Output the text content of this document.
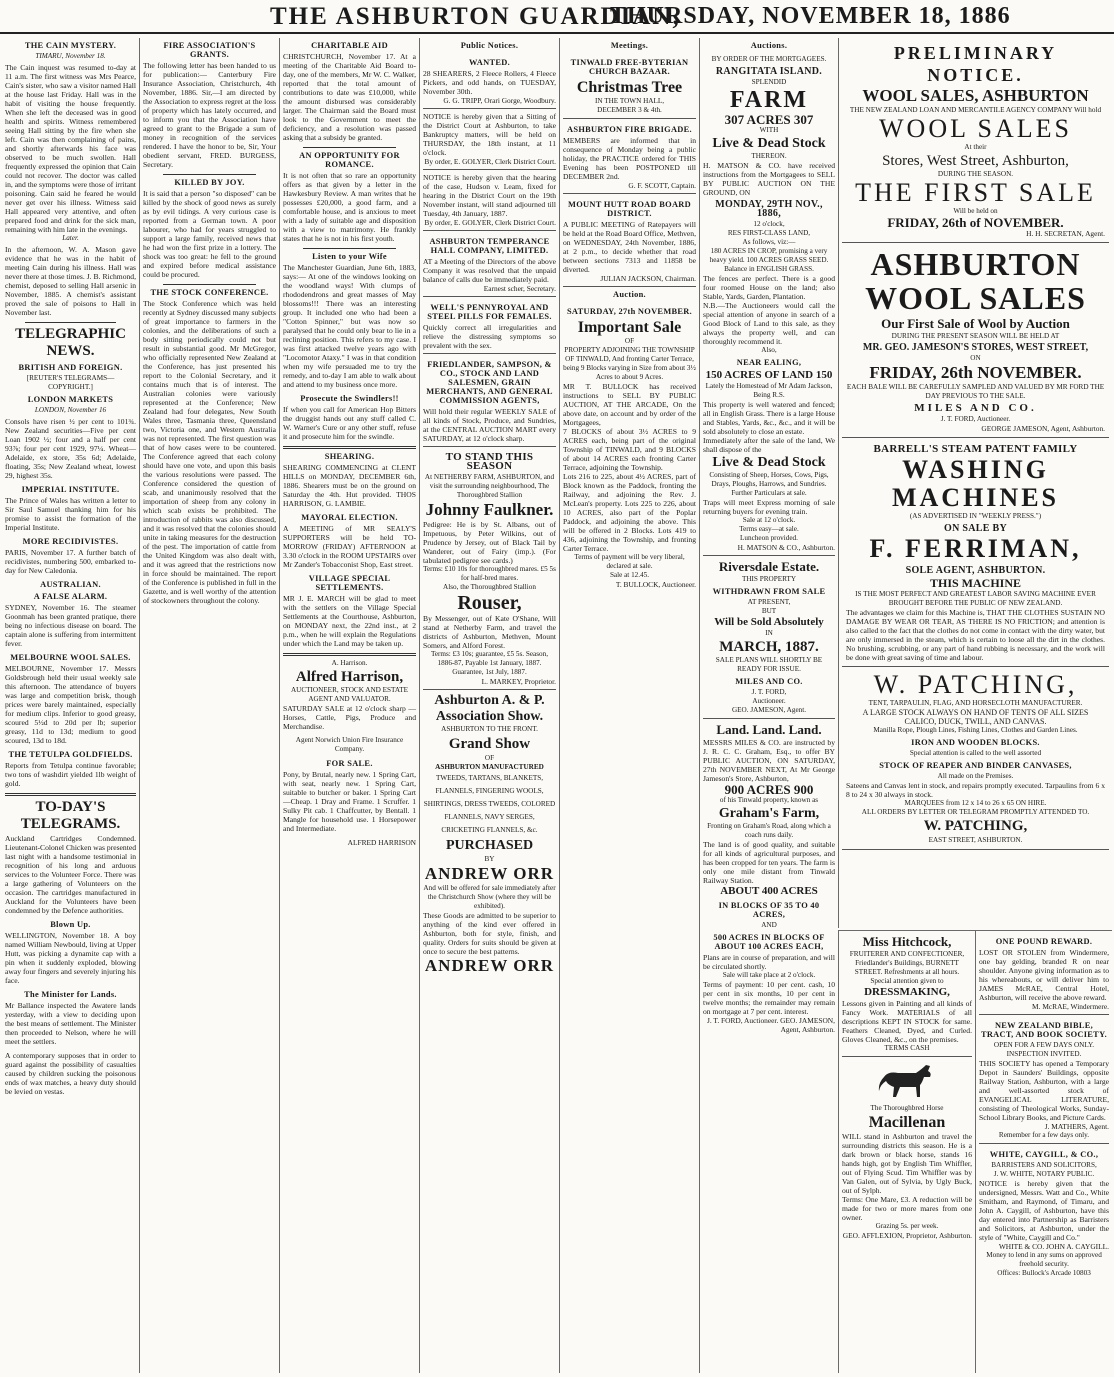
THE ASHBURTON GUARDIAN,
THURSDAY, NOVEMBER 18, 1886
THE CAIN MYSTERY.
TIMARU, November 18.
The Cain inquest was resumed to-day at 11 a.m. The first witness was Mrs Pearce, Cain's sister, who saw a visitor named Hall at the house last Friday. Hall was in the habit of visiting the house frequently. When she left the deceased was in good health and spirits. Witness remembered seeing Hall sitting by the fire when she left. Cain was then complaining of pains, and shortly afterwards his face was observed to be much swollen. Hall frequently expressed the opinion that Cain could not recover. The doctor was called in, and the symptoms were those of irritant poisoning. Cain said he feared he would never get over his illness. Witness said Hall appeared very attentive, and often prepared food and drink for the sick man, remaining with him late in the evenings.
Later.
In the afternoon, W. A. Mason gave evidence that he was in the habit of meeting Cain during his illness. Hall was never there at those times. J. B. Richmond, chemist, deposed to selling Hall arsenic in November, 1885. A chemist's assistant proved the sale of poisons to Hall in November last.
TELEGRAPHIC NEWS.
BRITISH AND FOREIGN.
[REUTER'S TELEGRAMS—COPYRIGHT.]
LONDON MARKETS
LONDON, November 16
Consols have risen ½ per cent to 101¾. New Zealand securities—Five per cent Loan 1902 ½; four and a half per cent 93⅞; four per cent 1929, 97¼. Wheat—Adelaide, ex store, 35s 6d; Adelaide, floating, 35s; New Zealand wheat, lowest 29, highest 35s.
IMPERIAL INSTITUTE.
The Prince of Wales has written a letter to Sir Saul Samuel thanking him for his promise to assist the formation of the Imperial Institute.
MORE RECIDIVISTES.
PARIS, November 17. A further batch of recidivistes, numbering 500, embarked to-day for New Caledonia.
AUSTRALIAN.
A FALSE ALARM.
SYDNEY, November 16. The steamer Goonmah has been granted pratique, there being no infectious disease on board. The captain alone is suffering from intermittent fever.
MELBOURNE WOOL SALES.
MELBOURNE, November 17. Messrs Goldsbrough held their usual weekly sale this afternoon. The attendance of buyers was large and competition brisk, though prices were barely maintained, especially for medium clips. Inferior to good greasy, scoured 5½d to 20d per lb; superior greasy, 11d to 13d; medium to good scoured, 13d to 18d.
THE TETULPA GOLDFIELDS.
Reports from Tetulpa continue favorable; two tons of washdirt yielded 1lb weight of gold.
TO-DAY'S TELEGRAMS.
Auckland Cartridges Condemned. Lieutenant-Colonel Chicken was presented last night with a handsome testimonial in recognition of his long and arduous services to the Volunteer Force. There was a large gathering of Volunteers on the occasion. The cartridges manufactured in Auckland for the Volunteers have been condemned by the Defence authorities.
Blown Up.
WELLINGTON, November 18. A boy named William Newbould, living at Upper Hutt, was picking a dynamite cap with a pin when it suddenly exploded, blowing away four fingers and severely injuring his face.
The Minister for Lands.
Mr Ballance inspected the Awatere lands yesterday, with a view to deciding upon the best means of settlement. The Minister then proceeded to Nelson, where he will meet the settlers.
A contemporary supposes that in order to guard against the possibility of casualties caused by children sucking the poisonous ends of wax matches, a heavy duty should be levied on vestas.
FIRE ASSOCIATION'S GRANTS.
The following letter has been handed to us for publication:— Canterbury Fire Insurance Association, Christchurch, 4th November, 1886. Sir,—I am directed by the Association to express regret at the loss of property which has lately occurred, and to inform you that the Association have agreed to grant to the Brigade a sum of money in recognition of the services rendered. I have the honor to be, Sir, Your obedient servant, FRED. BURGESS, Secretary.
KILLED BY JOY.
It is said that a person "so disposed" can be killed by the shock of good news as surely as by evil tidings. A very curious case is reported from a German town. A poor labourer, who had for years struggled to support a large family, received news that he had won the first prize in a lottery. The shock was too great: he fell to the ground and expired before medical assistance could be procured.
THE STOCK CONFERENCE.
The Stock Conference which was held recently at Sydney discussed many subjects of great importance to farmers in the colonies, and the deliberations of such a body sitting periodically could not but result in substantial good. Mr McGregor, who officially represented New Zealand at the Conference, has just presented his report to the Colonial Secretary, and it contains much that is of interest. The Australian colonies were variously represented at the Conference; New Zealand had four delegates, New South Wales three, Tasmania three, Queensland two, Victoria one, and Western Australia was not represented. The first question was that of how cases were to be countered. The Conference agreed that each colony should have one vote, and upon this basis the various resolutions were passed. The Conference considered the question of scab, and unanimously resolved that the importation of sheep from any colony in which scab exists be prohibited. The introduction of rabbits was also discussed, and it was resolved that the colonies should unite in taking measures for the destruction of the pest. The importation of cattle from the United Kingdom was also dealt with, and it was agreed that the restrictions now in force should be maintained. The report of the Conference is published in full in the Gazette, and is well worthy of the attention of stockowners throughout the colony.
CHARITABLE AID
CHRISTCHURCH, November 17. At a meeting of the Charitable Aid Board to-day, one of the members, Mr W. C. Walker, reported that the total amount of contributions to date was £10,000, while the amount disbursed was considerably larger. The Chairman said the Board must look to the Government to meet the deficiency, and a resolution was passed asking that a subsidy be granted.
AN OPPORTUNITY FOR ROMANCE.
It is not often that so rare an opportunity offers as that given by a letter in the Hawkesbury Review. A man writes that he possesses £20,000, a good farm, and a comfortable house, and is anxious to meet with a lady of suitable age and disposition with a view to matrimony. He frankly states that he is not in his first youth.
Listen to your Wife
The Manchester Guardian, June 6th, 1883, says:— At one of the windows looking on the woodland ways! With clumps of rhododendrons and great masses of May blossoms!!! There was an interesting group. It included one who had been a "Cotton Spinner," but was now so paralysed that he could only bear to lie in a reclining position. This refers to my case. I was first attacked twelve years ago with "Locomotor Ataxy." I was in that condition when my wife persuaded me to try the remedy, and to-day I am able to walk about and attend to my business once more.
Prosecute the Swindlers!!
If when you call for American Hop Bitters the druggist hands out any stuff called C. W. Warner's Cure or any other stuff, refuse it and prosecute him for the swindle.
SHEARING.
SHEARING COMMENCING at CLENT HILLS on MONDAY, DECEMBER 6th, 1886. Shearers must be on the ground on Saturday the 4th. Hut provided. THOS HARRISON, G. LAMBIE.
MAYORAL ELECTION.
A MEETING of MR SEALY'S SUPPORTERS will be held TO-MORROW (FRIDAY) AFTERNOON at 3.30 o'clock in the ROOM UPSTAIRS over Mr Zander's Tobacconist Shop, East street.
VILLAGE SPECIAL SETTLEMENTS.
MR J. E. MARCH will be glad to meet with the settlers on the Village Special Settlements at the Courthouse, Ashburton, on MONDAY next, the 22nd inst., at 2 p.m., when he will explain the Regulations under which the Land may be taken up.
A. Harrison.
Alfred Harrison,
AUCTIONEER, STOCK AND ESTATE AGENT AND VALUATOR.
SATURDAY SALE at 12 o'clock sharp —Horses, Cattle, Pigs, Produce and Merchandise.
Agent Norwich Union Fire Insurance Company.
FOR SALE.
Pony, by Brutal, nearly new. 1 Spring Cart, with seat, nearly new. 1 Spring Cart, suitable to butcher or baker. 1 Spring Cart—Cheap. 1 Dray and Frame. 1 Scruffer. 1 Sulky Pit cab. 1 Chaffcutter, by Bentall. 1 Mangle for household use. 1 Horsepower and Intermediate.
ALFRED HARRISON
Public Notices.
WANTED.
28 SHEARERS, 2 Fleece Rollers, 4 Fleece Pickers, and odd hands, on TUESDAY, November 30th.
G. G. TRIPP, Orari Gorge, Woodbury.
NOTICE is hereby given that a Sitting of the District Court at Ashburton, to take Bankruptcy matters, will be held on THURSDAY, the 18th instant, at 11 o'clock.
By order, E. GOLYER, Clerk District Court.
NOTICE is hereby given that the hearing of the case, Hudson v. Leam, fixed for hearing in the District Court on the 19th November instant, will stand adjourned till Tuesday, 4th January, 1887.
By order, E. GOLYER, Clerk District Court.
ASHBURTON TEMPERANCE HALL COMPANY, LIMITED.
AT a Meeting of the Directors of the above Company it was resolved that the unpaid balance of calls due be immediately paid.
Earnest scher, Secretary.
WELL'S PENNYROYAL AND STEEL PILLS FOR FEMALES.
Quickly correct all irregularities and relieve the distressing symptoms so prevalent with the sex.
FRIEDLANDER, SAMPSON, & CO., STOCK AND LAND SALESMEN, GRAIN MERCHANTS, AND GENERAL COMMISSION AGENTS,
Will hold their regular WEEKLY SALE of all kinds of Stock, Produce, and Sundries, at the CENTRAL AUCTION MART every SATURDAY, at 12 o'clock sharp.
TO STAND THIS SEASON
At NETHERBY FARM, ASHBURTON, and visit the surrounding neighbourhood, The Thoroughbred Stallion
Johnny Faulkner.
Pedigree: He is by St. Albans, out of Impetuous, by Peter Wilkins, out of Prudence by Jersey, out of Black Tail by Wanderer, out of Fairy (imp.). (For tabulated pedigree see cards.)
Terms: £10 10s for thoroughbred mares. £5 5s for half-bred mares.
Also, the Thoroughbred Stallion
Rouser,
By Messenger, out of Kate O'Shane, Will stand at Netherby Farm, and travel the districts of Ashburton, Methven, Mount Somers, and Alford Forest.
Terms: £3 10s; guarantee, £5 5s. Season, 1886-87, Payable 1st January, 1887. Guarantee, 1st July, 1887.
L. MARKEY, Proprietor.
Ashburton A. & P. Association Show.
ASHBURTON TO THE FRONT.
Grand Show
OF
ASHBURTON MANUFACTURED
TWEEDS, TARTANS, BLANKETS, FLANNELS, FINGERING WOOLS, SHIRTINGS, DRESS TWEEDS, COLORED FLANNELS, NAVY SERGES, CRICKETING FLANNELS, &c.
PURCHASED
BY
ANDREW ORR
And will be offered for sale immediately after the Christchurch Show (where they will be exhibited).
These Goods are admitted to be superior to anything of the kind ever offered in Ashburton, both for style, finish, and quality. Orders for suits should be given at once to secure the best patterns.
ANDREW ORR
Meetings.
TINWALD FREE-BYTERIAN CHURCH BAZAAR.
Christmas Tree
IN THE TOWN HALL,
DECEMBER 3 & 4th.
ASHBURTON FIRE BRIGADE.
MEMBERS are informed that in consequence of Monday being a public holiday, the PRACTICE ordered for THIS Evening has been POSTPONED till DECEMBER 2nd.
G. F. SCOTT, Captain.
MOUNT HUTT ROAD BOARD DISTRICT.
A PUBLIC MEETING of Ratepayers will be held at the Road Board Office, Methven, on WEDNESDAY, 24th November, 1886, at 2 p.m., to decide whether that road between sections 7313 and 11858 be diverted.
JULIAN JACKSON, Chairman.
Auction.
SATURDAY, 27th NOVEMBER.
Important Sale
OF
PROPERTY ADJOINING THE TOWNSHIP OF TINWALD, And fronting Carter Terrace, being 9 Blocks varying in Size from about 3½ Acres to about 9 Acres.
MR T. BULLOCK has received instructions to SELL BY PUBLIC AUCTION, AT THE ARCADE, On the above date, on account and by order of the Mortgagees,
7 BLOCKS of about 3½ ACRES to 9 ACRES each, being part of the original Township of TINWALD, and 9 BLOCKS of about 14 ACRES each fronting Carter Terrace, adjoining the Township.
Lots 216 to 225, about 4½ ACRES, part of Block known as the Paddock, fronting the Railway, and adjoining the Rev. J. McLean's property. Lots 225 to 226, about 10 ACRES, also part of the Poplar Paddock, and adjoining the above. This will be offered in 2 Blocks. Lots 419 to 436, adjoining the Township, and fronting Carter Terrace.
Terms of payment will be very liberal, declared at sale.
Sale at 12.45.
T. BULLOCK, Auctioneer.
Auctions.
BY ORDER OF THE MORTGAGEES.
RANGITATA ISLAND.
SPLENDID
FARM
307 ACRES 307
WITH
Live & Dead Stock
THEREON.
H. MATSON & CO. have received instructions from the Mortgagees to SELL BY PUBLIC AUCTION ON THE GROUND, ON
MONDAY, 29TH NOV., 1886,
12 o'clock,
RES FIRST-CLASS LAND,
As follows, viz:—
180 ACRES IN CROP, promising a very heavy yield. 100 ACRES GRASS SEED. Balance in ENGLISH GRASS.
The fences are perfect. There is a good four roomed House on the land; also Stable, Yards, Garden, Plantation.
N.B.—The Auctioneers would call the special attention of anyone in search of a Good Block of Land to this sale, as they always the property well, and can thoroughly recommend it.
Also,
NEAR EALING,
150 ACRES OF LAND 150
Lately the Homestead of Mr Adam Jackson, Being R.S.
This property is well watered and fenced; all in English Grass. There is a large House and Stables, Yards, &c., &c., and it will be sold absolutely to close an estate.
Immediately after the sale of the land, We shall dispose of the
Live & Dead Stock
Consisting of Sheep, Horses, Cows, Pigs, Drays, Ploughs, Harrows, and Sundries.
Further Particulars at sale.
Traps will meet Express morning of sale returning buyers for evening train.
Sale at 12 o'clock.
Terms easy—at sale.
Luncheon provided.
H. MATSON & CO., Ashburton.
Riversdale Estate.
THIS PROPERTY
WITHDRAWN FROM SALE
AT PRESENT,
BUT
Will be Sold Absolutely
IN
MARCH, 1887.
SALE PLANS WILL SHORTLY BE READY FOR ISSUE.
MILES AND CO.
J. T. FORD,
Auctioneer.
GEO. JAMESON, Agent.
Land. Land. Land.
MESSRS MILES & CO. are instructed by J. R. C. C. Graham, Esq., to offer BY PUBLIC AUCTION, ON SATURDAY, 27th NOVEMBER NEXT, At Mr George Jameson's Store, Ashburton,
900 ACRES 900
of his Tinwald property, known as
Graham's Farm,
Fronting on Graham's Road, along which a coach runs daily.
The land is of good quality, and suitable for all kinds of agricultural purposes, and has been cropped for ten years. The farm is only one mile distant from Tinwald Railway Station.
ABOUT 400 ACRES
IN BLOCKS OF 35 TO 40 ACRES,
AND
500 ACRES IN BLOCKS OF ABOUT 100 ACRES EACH,
Plans are in course of preparation, and will be circulated shortly.
Sale will take place at 2 o'clock.
Terms of payment: 10 per cent. cash, 10 per cent in six months, 10 per cent in twelve months; the remainder may remain on mortgage at 7 per cent. interest.
J. T. FORD, Auctioneer. GEO. JAMESON, Agent, Ashburton.
PRELIMINARY NOTICE.
WOOL SALES, ASHBURTON
THE NEW ZEALAND LOAN AND MERCANTILE AGENCY COMPANY Will hold
WOOL SALES
At their
Stores, West Street, Ashburton,
DURING THE SEASON.
THE FIRST SALE
Will be held on
FRIDAY, 26th of NOVEMBER.
H. H. SECRETAN, Agent.
ASHBURTON WOOL SALES
Our First Sale of Wool by Auction
DURING THE PRESENT SEASON WILL BE HELD AT
MR. GEO. JAMESON'S STORES, WEST STREET,
ON
FRIDAY, 26th NOVEMBER.
EACH BALE WILL BE CAREFULLY SAMPLED AND VALUED BY MR FORD THE DAY PREVIOUS TO THE SALE.
MILES AND CO.
J. T. FORD, Auctioneer.
GEORGE JAMESON, Agent, Ashburton.
BARRELL'S STEAM PATENT FAMILY
WASHING MACHINES
(AS ADVERTISED IN "WEEKLY PRESS.")
ON SALE BY
F. FERRIMAN,
SOLE AGENT, ASHBURTON.
THIS MACHINE
IS THE MOST PERFECT AND GREATEST LABOR SAVING MACHINE EVER BROUGHT BEFORE THE PUBLIC OF NEW ZEALAND.
The advantages we claim for this Machine is, THAT THE CLOTHES SUSTAIN NO DAMAGE BY WEAR OR TEAR, AS THERE IS NO FRICTION; and attention is also called to the fact that the clothes do not come in contact with the dirty water, but are only immersed in the steam, which is certain to loose all the dirt in the clothes. No brushing, scrubbing, or any part of hand rubbing is necessary, and the work will be done with great saving of time and labour.
W. PATCHING,
TENT, TARPAULIN, FLAG, AND HORSECLOTH MANUFACTURER.
A LARGE STOCK ALWAYS ON HAND OF TENTS OF ALL SIZES CALICO, DUCK, TWILL, AND CANVAS.
Manilla Rope, Plough Lines, Fishing Lines, Clothes and Garden Lines.
IRON AND WOODEN BLOCKS.
Special attention is called to the well assorted
STOCK OF REAPER AND BINDER CANVASES,
All made on the Premises.
Sateens and Canvas lent in stock, and repairs promptly executed. Tarpaulins from 6 x 8 to 24 x 30 always in stock.
MARQUEES from 12 x 14 to 26 x 65 ON HIRE.
ALL ORDERS BY LETTER OR TELEGRAM PROMPTLY ATTENDED TO.
W. PATCHING,
EAST STREET, ASHBURTON.
Miss Hitchcock,
FRUITERER AND CONFECTIONER, Friedlander's Buildings, BURNETT STREET. Refreshments at all hours.
Special attention given to
DRESSMAKING,
Lessons given in Painting and all kinds of Fancy Work. MATERIALS of all descriptions KEPT IN STOCK for same. Feathers Cleaned, Dyed, and Curled. Gloves Cleaned, &c., on the premises.
TERMS CASH
The Thoroughbred Horse
Macillenan
WILL stand in Ashburton and travel the surrounding districts this season. He is a dark brown or black horse, stands 16 hands high, got by English Tim Whiffler, out of Flying Scud. Tim Whiffler was by Van Galen, out of Sylvia, by Ugly Buck, out of Sylph.
Terms: One Mare, £3. A reduction will be made for two or more mares from one owner.
Grazing 5s. per week.
GEO. AFFLEXION, Proprietor, Ashburton.
ONE POUND REWARD.
LOST OR STOLEN from Windermere, one bay gelding, branded R on near shoulder. Anyone giving information as to his whereabouts, or will deliver him to JAMES McRAE, Central Hotel, Ashburton, will receive the above reward.
M. McRAE, Windermere.
NEW ZEALAND BIBLE, TRACT, AND BOOK SOCIETY.
OPEN FOR A FEW DAYS ONLY.
INSPECTION INVITED.
THIS SOCIETY has opened a Temporary Depot in Saunders' Buildings, opposite Railway Station, Ashburton, with a large and well-assorted stock of EVANGELICAL LITERATURE, consisting of Theological Works, Sunday-School Library Books, and Picture Cards.
J. MATHERS, Agent.
Remember for a few days only.
WHITE, CAYGILL, & CO.,
BARRISTERS AND SOLICITORS,
J. W. WHITE, NOTARY PUBLIC.
NOTICE is hereby given that the undersigned, Messrs. Watt and Co., White Smitham, and Raymond, of Timaru, and John A. Caygill, of Ashburton, have this day entered into Partnership as Barristers and Solicitors, at Ashburton, under the style of "White, Caygill and Co."
WHITE & CO. JOHN A. CAYGILL.
Money to lend in any sums on approved freehold security.
Offices: Bullock's Arcade 10803
